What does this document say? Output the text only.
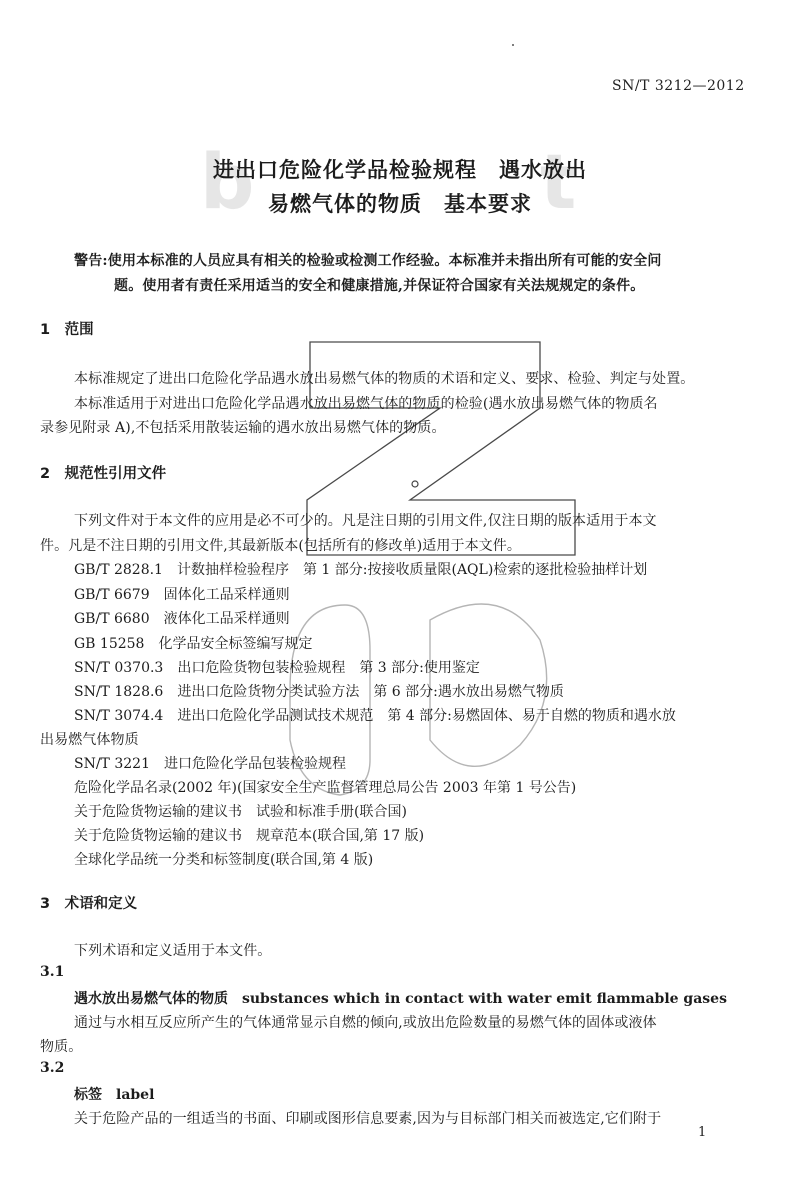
b	t
SN/T 3212—2012
进出口危险化学品检验规程　遇水放出
易燃气体的物质　基本要求
警告:使用本标准的人员应具有相关的检验或检测工作经验。本标准并未指出所有可能的安全问
题。使用者有责任采用适当的安全和健康措施,并保证符合国家有关法规规定的条件。
1　范围
本标准规定了进出口危险化学品遇水放出易燃气体的物质的术语和定义、要求、检验、判定与处置。
本标准适用于对进出口危险化学品遇水放出易燃气体的物质的检验(遇水放出易燃气体的物质名
录参见附录 A),不包括采用散装运输的遇水放出易燃气体的物质。
2　规范性引用文件
下列文件对于本文件的应用是必不可少的。凡是注日期的引用文件,仅注日期的版本适用于本文
件。凡是不注日期的引用文件,其最新版本(包括所有的修改单)适用于本文件。
GB/T 2828.1　计数抽样检验程序　第 1 部分:按接收质量限(AQL)检索的逐批检验抽样计划
GB/T 6679　固体化工品采样通则
GB/T 6680　液体化工品采样通则
GB 15258　化学品安全标签编写规定
SN/T 0370.3　出口危险货物包装检验规程　第 3 部分:使用鉴定
SN/T 1828.6　进出口危险货物分类试验方法　第 6 部分:遇水放出易燃气物质
SN/T 3074.4　进出口危险化学品测试技术规范　第 4 部分:易燃固体、易于自燃的物质和遇水放
出易燃气体物质
SN/T 3221　进口危险化学品包装检验规程
危险化学品名录(2002 年)(国家安全生产监督管理总局公告 2003 年第 1 号公告)
关于危险货物运输的建议书　试验和标准手册(联合国)
关于危险货物运输的建议书　规章范本(联合国,第 17 版)
全球化学品统一分类和标签制度(联合国,第 4 版)
3　术语和定义
下列术语和定义适用于本文件。
3.1
遇水放出易燃气体的物质　substances which in contact with water emit flammable gases
通过与水相互反应所产生的气体通常显示自燃的倾向,或放出危险数量的易燃气体的固体或液体
物质。
3.2
标签　label
关于危险产品的一组适当的书面、印刷或图形信息要素,因为与目标部门相关而被选定,它们附于
1
